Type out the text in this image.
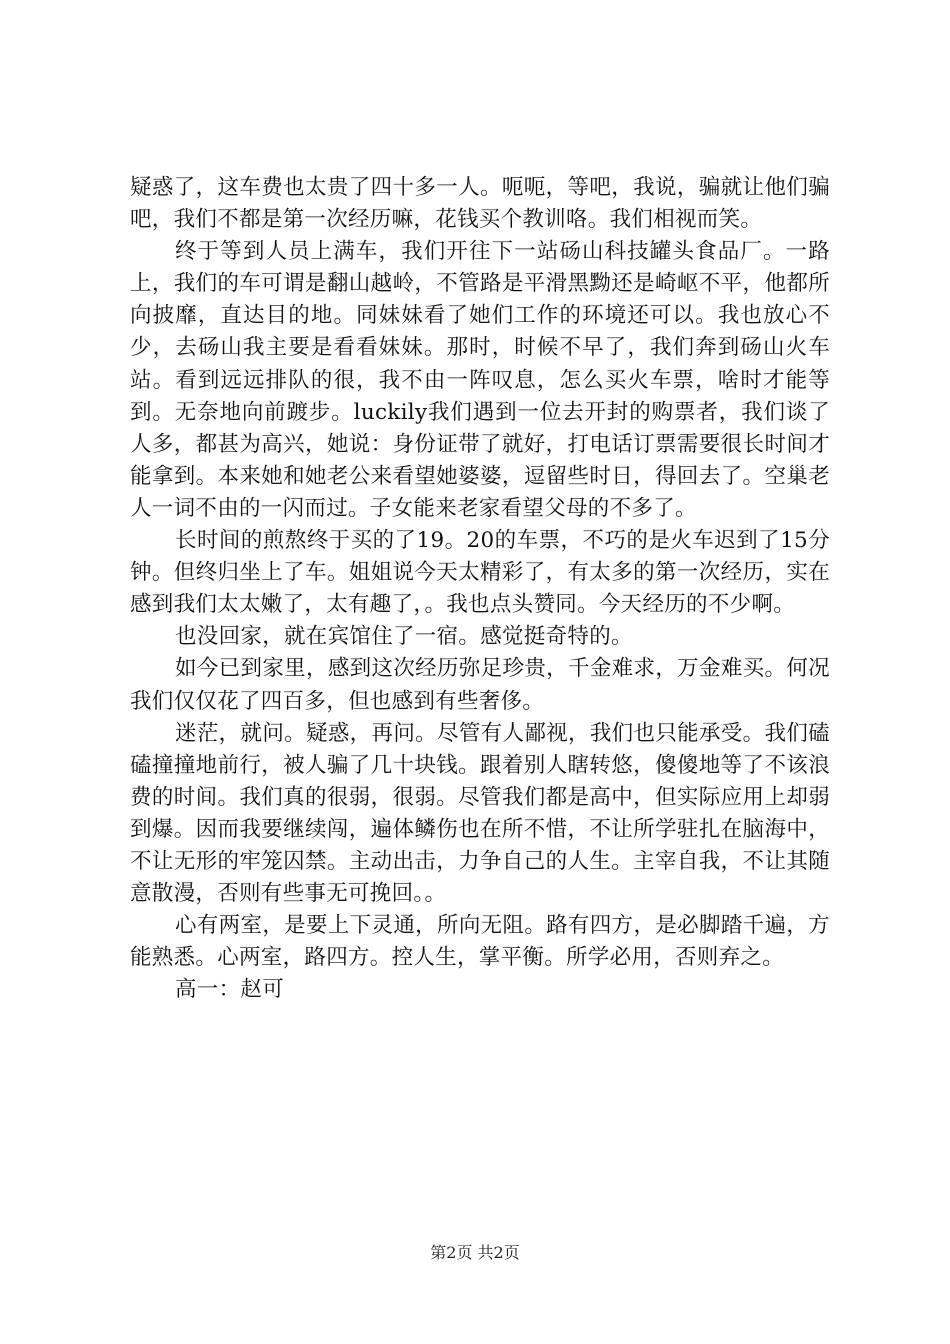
疑惑了，这车费也太贵了四十多一人。呃呃，等吧，我说，骗就让他们骗吧，我们不都是第一次经历嘛，花钱买个教训咯。我们相视而笑。

终于等到人员上满车，我们开往下一站砀山科技罐头食品厂。一路上，我们的车可谓是翻山越岭，不管路是平滑黑黝还是崎岖不平，他都所向披靡，直达目的地。同妹妹看了她们工作的环境还可以。我也放心不少，去砀山我主要是看看妹妹。那时，时候不早了，我们奔到砀山火车站。看到远远排队的很，我不由一阵叹息，怎么买火车票，啥时才能等到。无奈地向前踱步。luckily我们遇到一位去开封的购票者，我们谈了人多，都甚为高兴，她说：身份证带了就好，打电话订票需要很长时间才能拿到。本来她和她老公来看望她婆婆，逗留些时日，得回去了。空巢老人一词不由的一闪而过。子女能来老家看望父母的不多了。

长时间的煎熬终于买的了19。20的车票，不巧的是火车迟到了15分钟。但终归坐上了车。姐姐说今天太精彩了，有太多的第一次经历，实在感到我们太太嫩了，太有趣了，。我也点头赞同。今天经历的不少啊。

也没回家，就在宾馆住了一宿。感觉挺奇特的。

如今已到家里，感到这次经历弥足珍贵，千金难求，万金难买。何况我们仅仅花了四百多，但也感到有些奢侈。

迷茫，就问。疑惑，再问。尽管有人鄙视，我们也只能承受。我们磕磕撞撞地前行，被人骗了几十块钱。跟着别人瞎转悠，傻傻地等了不该浪费的时间。我们真的很弱，很弱。尽管我们都是高中，但实际应用上却弱到爆。因而我要继续闯，遍体鳞伤也在所不惜，不让所学驻扎在脑海中，不让无形的牢笼囚禁。主动出击，力争自己的人生。主宰自我，不让其随意散漫，否则有些事无可挽回。。

心有两室，是要上下灵通，所向无阻。路有四方，是必脚踏千遍，方能熟悉。心两室，路四方。控人生，掌平衡。所学必用，否则弃之。

高一：赵可

第2页 共2页
